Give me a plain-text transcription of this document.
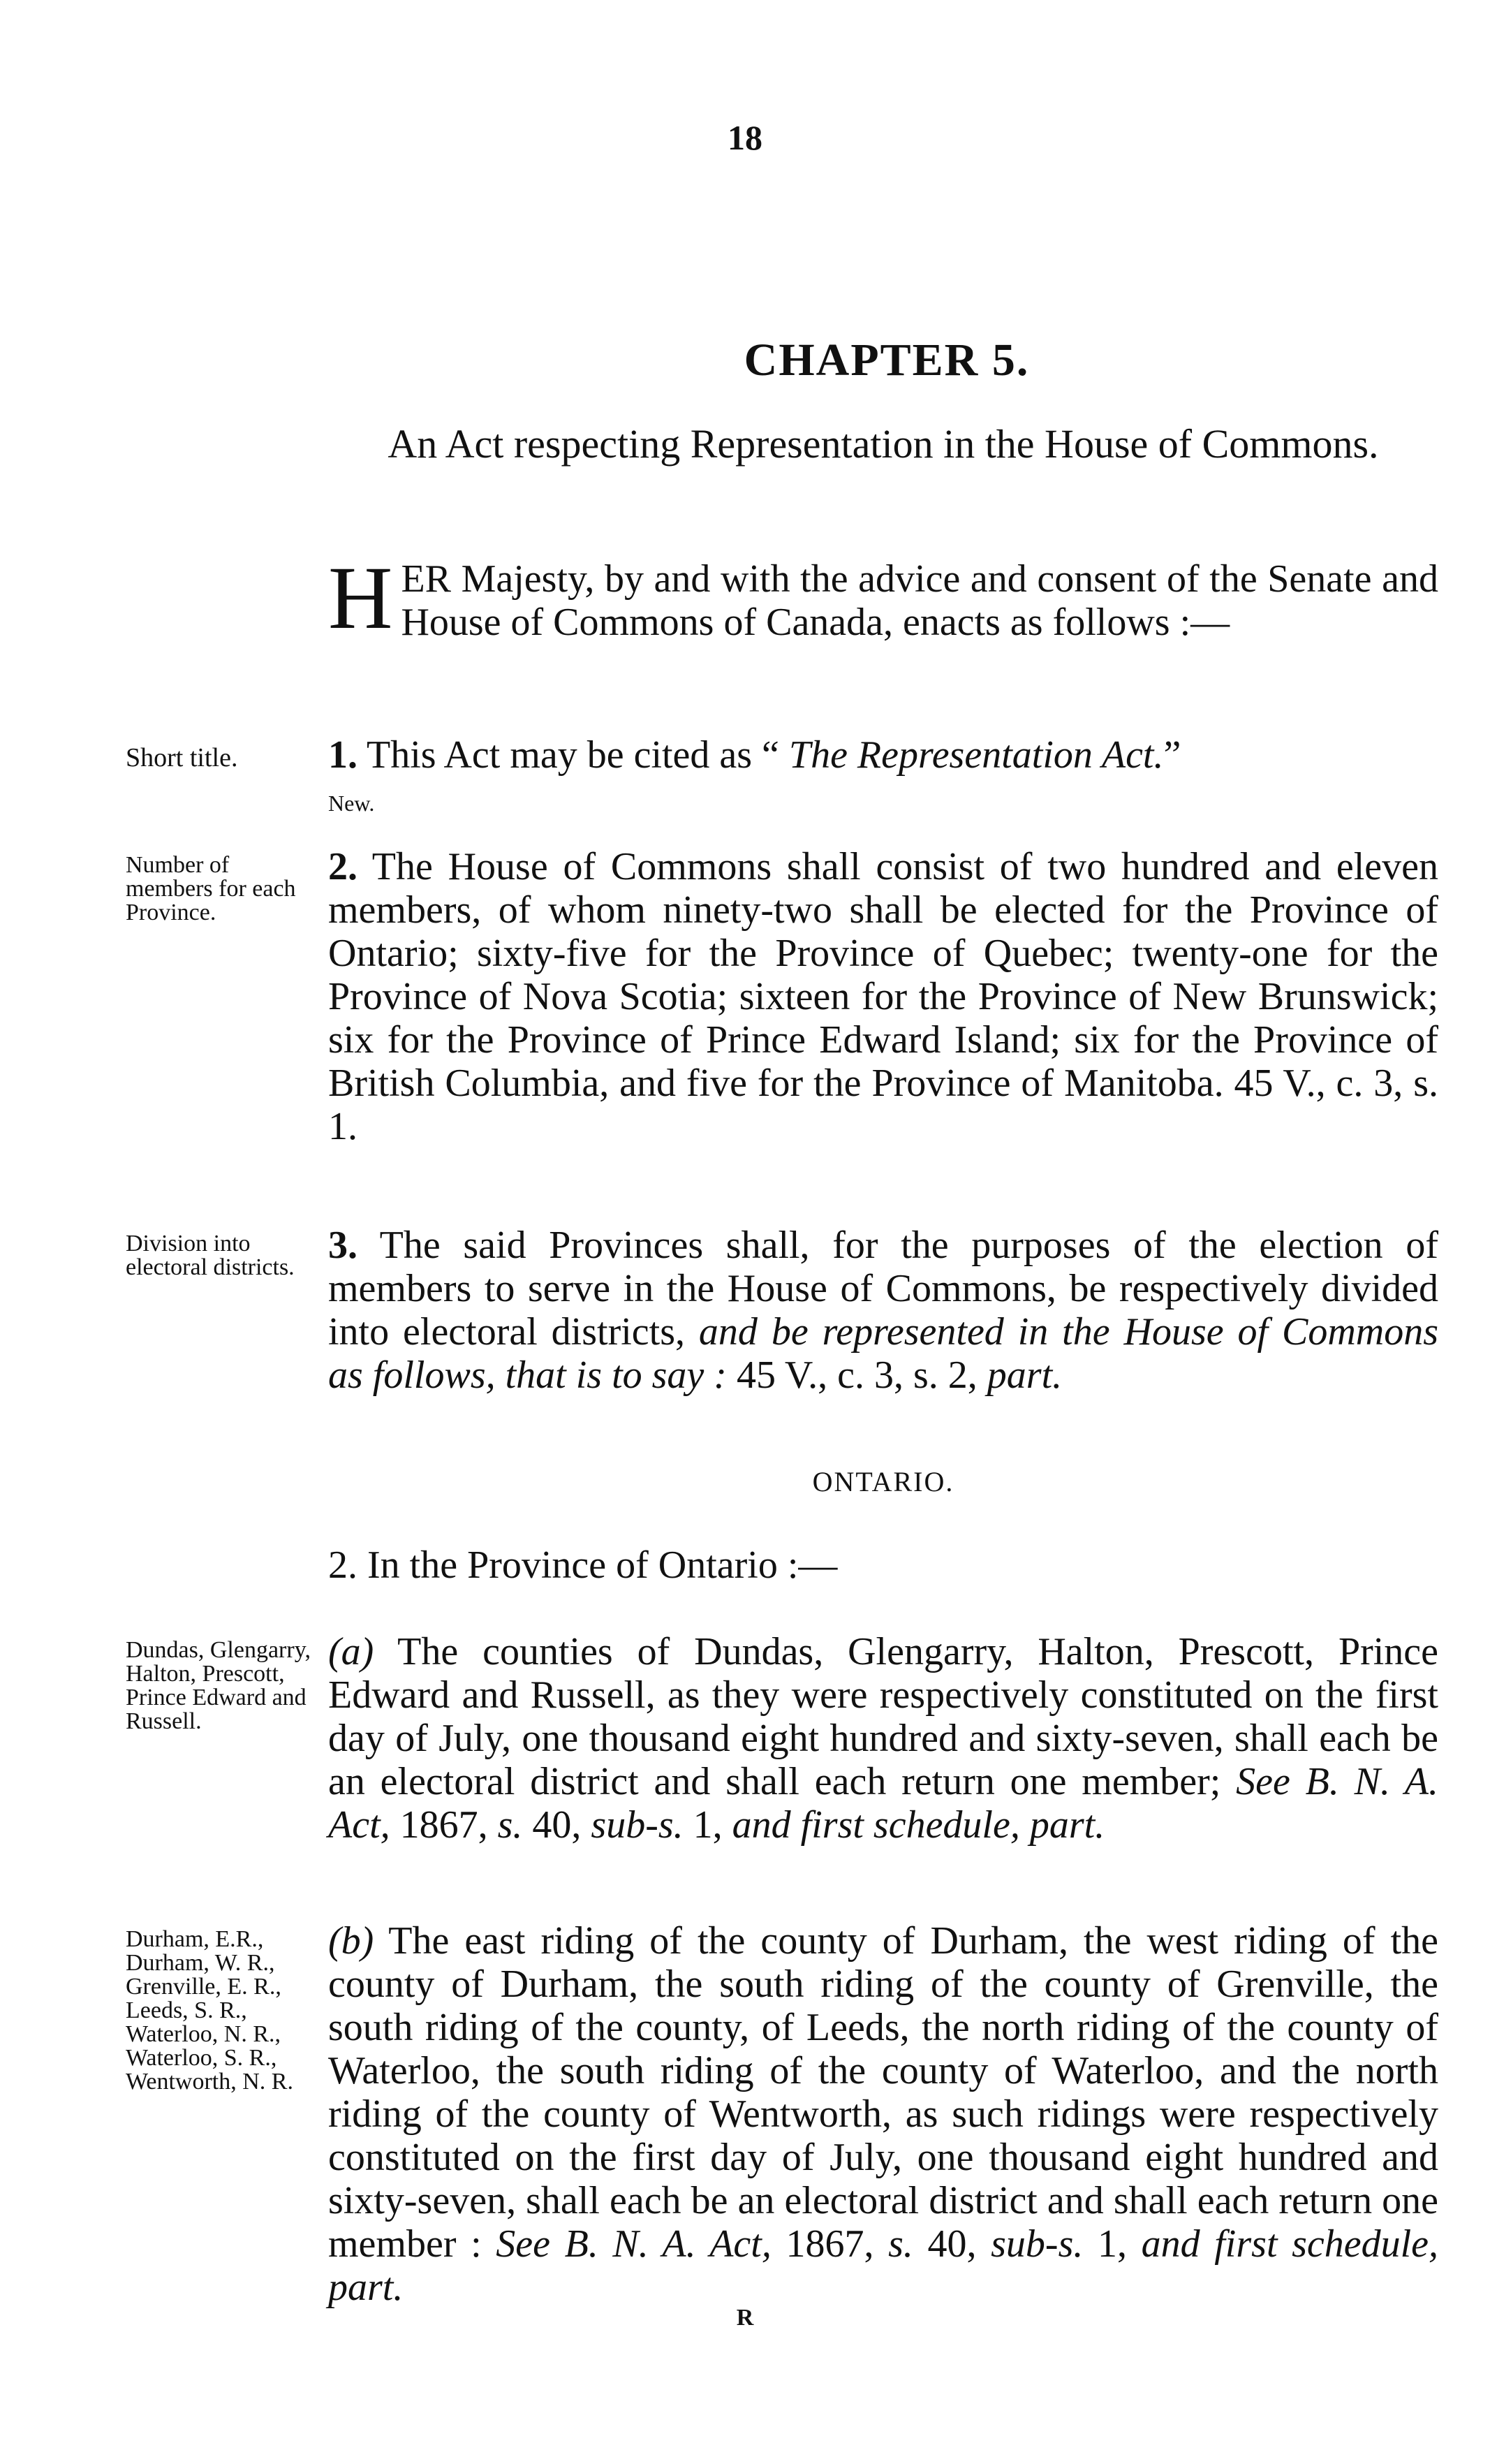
18
CHAPTER 5.
An Act respecting Representation in the House of Commons.
HER Majesty, by and with the advice and consent of the Senate and House of Commons of Canada, enacts as follows :—
Short title.	1. This Act may be cited as “ The Representation Act.”
New.
Number of members for each Province.
2. The House of Commons shall consist of two hundred and eleven members, of whom ninety-two shall be elected for the Province of Ontario; sixty-five for the Province of Quebec; twenty-one for the Province of Nova Scotia; sixteen for the Province of New Brunswick; six for the Province of Prince Edward Island; six for the Province of British Columbia, and five for the Province of Manitoba. 45 V., c. 3, s. 1.
Division into electoral districts.
3. The said Provinces shall, for the purposes of the election of members to serve in the House of Commons, be respectively divided into electoral districts, and be represented in the House of Commons as follows, that is to say : 45 V., c. 3, s. 2, part.
ONTARIO.
2. In the Province of Ontario :—
Dundas, Glengarry, Halton, Prescott, Prince Edward and Russell.
(a) The counties of Dundas, Glengarry, Halton, Prescott, Prince Edward and Russell, as they were respectively constituted on the first day of July, one thousand eight hundred and sixty-seven, shall each be an electoral district and shall each return one member; See B. N. A. Act, 1867, s. 40, sub-s. 1, and first schedule, part.
Durham, E.R., Durham, W. R., Grenville, E. R., Leeds, S. R., Waterloo, N. R., Waterloo, S. R., Wentworth, N. R.
(b) The east riding of the county of Durham, the west riding of the county of Durham, the south riding of the county of Grenville, the south riding of the county, of Leeds, the north riding of the county of Waterloo, the south riding of the county of Waterloo, and the north riding of the county of Wentworth, as such ridings were respectively constituted on the first day of July, one thousand eight hundred and sixty-seven, shall each be an electoral district and shall each return one member : See B. N. A. Act, 1867, s. 40, sub-s. 1, and first schedule, part.
R
